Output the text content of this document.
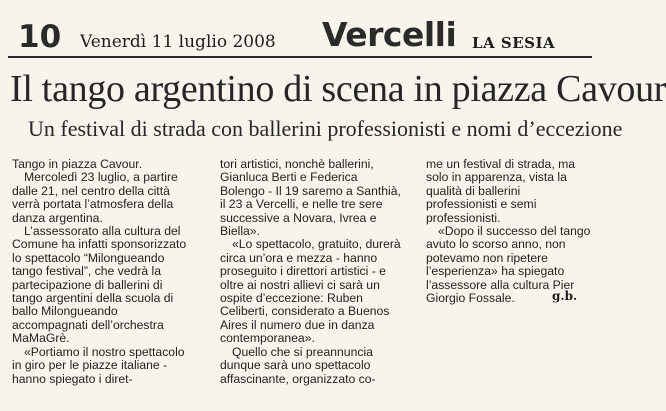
10 Venerdì 11 luglio 2008 Vercelli LA SESIA
Il tango argentino di scena in piazza Cavour
Un festival di strada con ballerini professionisti e nomi d’eccezione

Tango in piazza Cavour.

Mercoledì 23 luglio, a partire dalle 21, nel centro della città verrà portata l’atmosfera della danza argentina.

L’assessorato alla cultura del Comune ha infatti sponsorizzato lo spettacolo “Milongueando tango festival”, che vedrà la partecipazione di ballerini di tango argentini della scuola di ballo Milongueando accompagnati dell’orchestra MaMaGrè.

«Portiamo il nostro spettacolo in giro per le piazze italiane - hanno spiegato i diret-

tori artistici, nonchè ballerini, Gianluca Berti e Federica Bolengo - Il 19 saremo a Santhià, il 23 a Vercelli, e nelle tre sere successive a Novara, Ivrea e Biella».

«Lo spettacolo, gratuito, durerà circa un’ora e mezza - hanno proseguito i direttori artistici - e oltre ai nostri allievi ci sarà un ospite d’eccezione: Ruben Celiberti, considerato a Buenos Aires il numero due in danza contemporanea».

Quello che si preannuncia dunque sarà uno spettacolo affascinante, organizzato co-

me un festival di strada, ma solo in apparenza, vista la qualità di ballerini professionisti e semi professionisti.

«Dopo il successo del tango avuto lo scorso anno, non potevamo non ripetere l’esperienza» ha spiegato l’assessore alla cultura Pier Giorgio Fossale.	g.b.
